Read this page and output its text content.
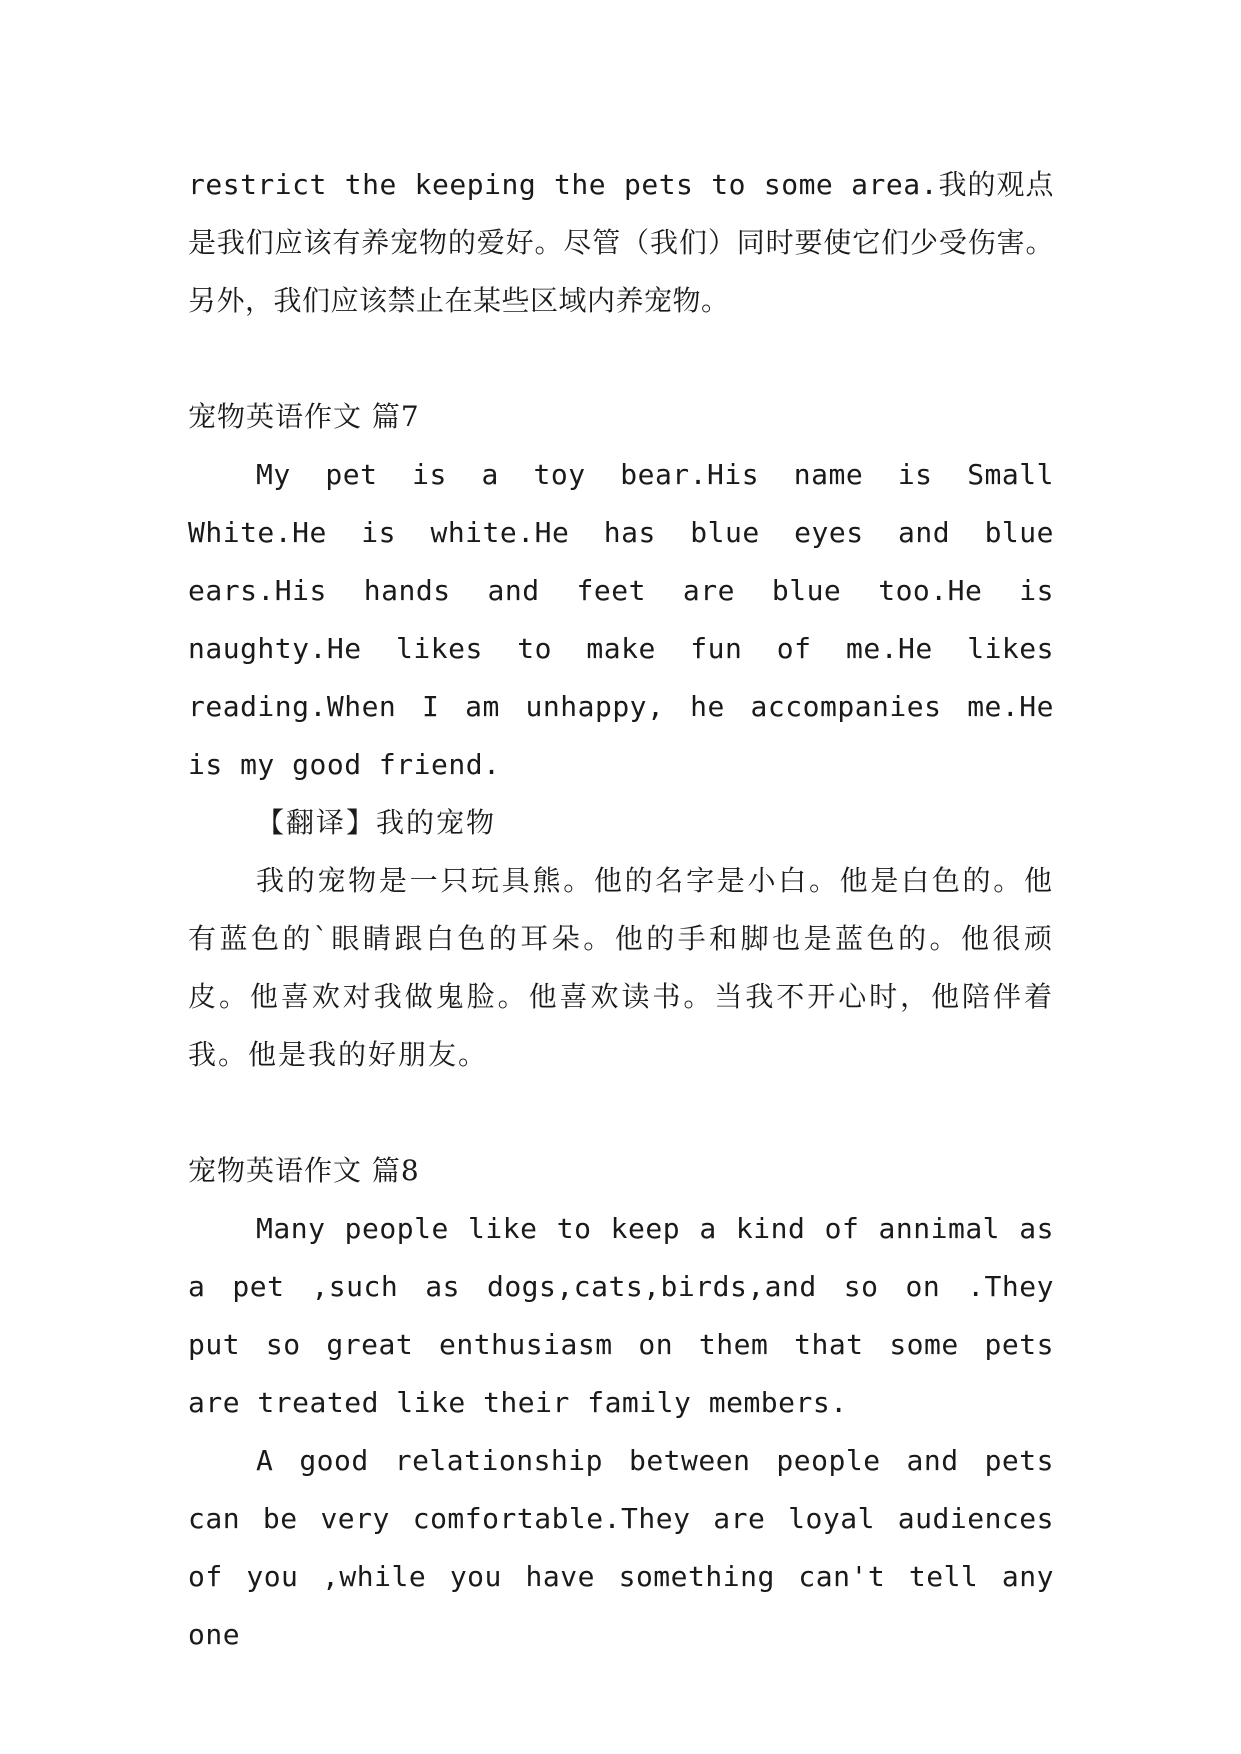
restrict the keeping the pets to some area.我的观点是我们应该有养宠物的爱好。尽管（我们）同时要使它们少受伤害。另外，我们应该禁止在某些区域内养宠物。

宠物英语作文 篇7

My pet is a toy bear.His name is Small White.He is white.He has blue eyes and blue ears.His hands and feet are blue too.He is naughty.He likes to make fun of me.He likes reading.When I am unhappy, he accompanies me.He is my good friend.

【翻译】我的宠物

我的宠物是一只玩具熊。他的名字是小白。他是白色的。他有蓝色的`眼睛跟白色的耳朵。他的手和脚也是蓝色的。他很顽皮。他喜欢对我做鬼脸。他喜欢读书。当我不开心时，他陪伴着我。他是我的好朋友。

宠物英语作文 篇8

Many people like to keep a kind of annimal as a pet ,such as dogs,cats,birds,and so on .They put so great enthusiasm on them that some pets are treated like their family members.

A good relationship between people and pets can be very comfortable.They are loyal audiences of you ,while you have something can't tell any one
